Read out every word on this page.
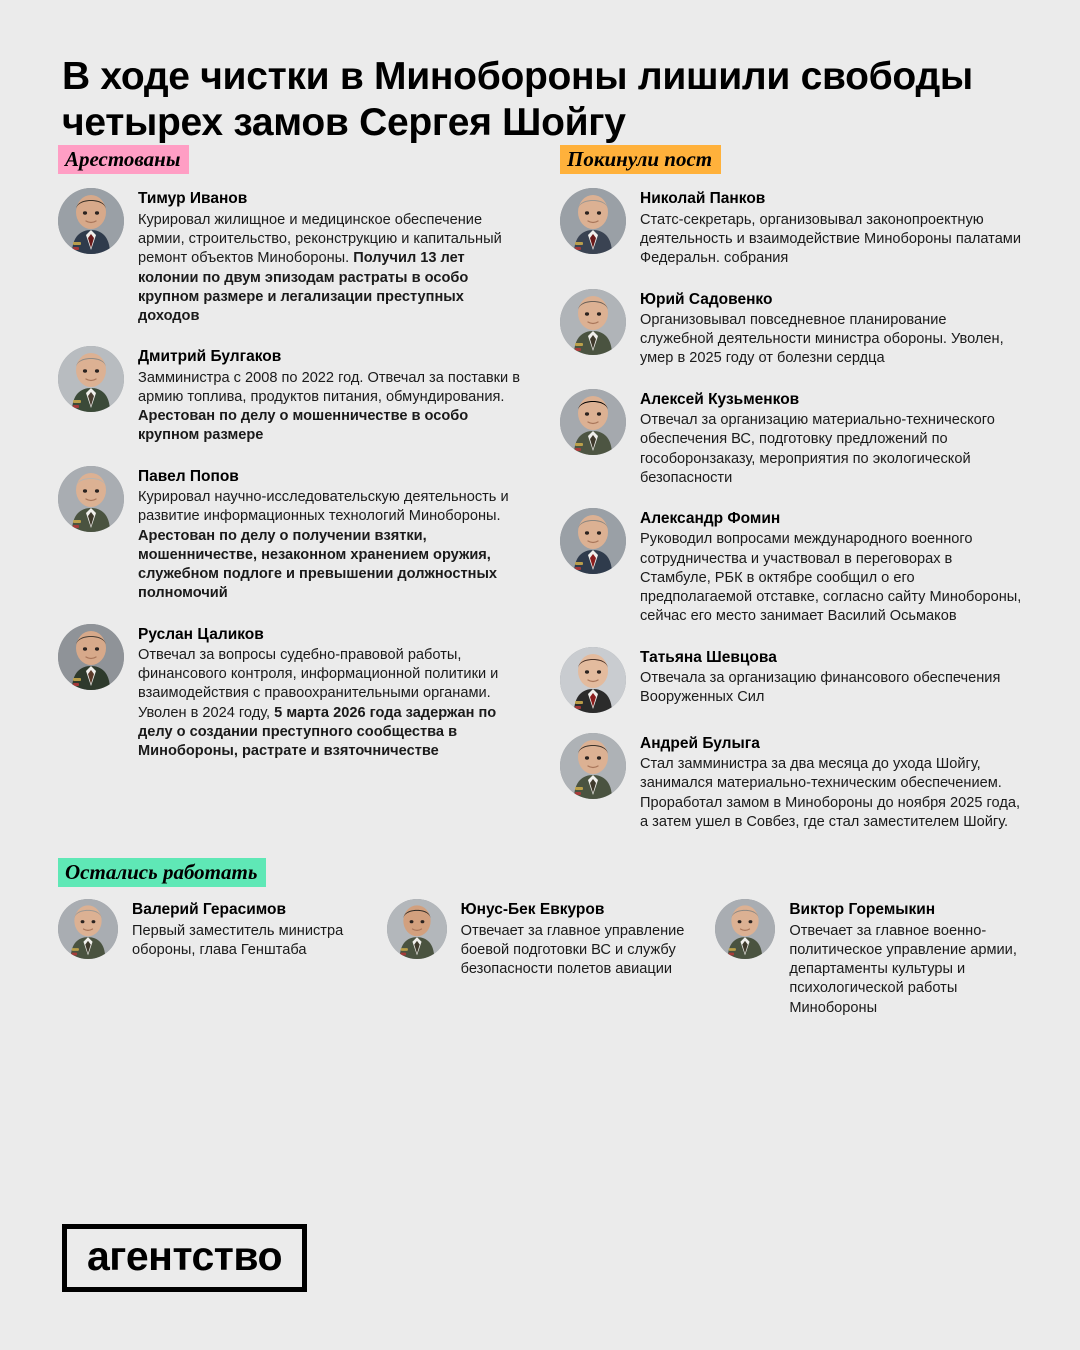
В ходе чистки в Минобороны лишили свободы четырех замов Сергея Шойгу
Арестованы
Тимур Иванов
Курировал жилищное и медицинское обеспечение армии, строительство, реконструкцию и капитальный ремонт объектов Минобороны. Получил 13 лет колонии по двум эпизодам растраты в особо крупном размере и легализации преступных доходов
Дмитрий Булгаков
Замминистра с 2008 по 2022 год. Отвечал за поставки в армию топлива, продуктов питания, обмундирования. Арестован по делу о мошенничестве в особо крупном размере
Павел Попов
Курировал научно-исследовательскую деятельность и развитие информационных технологий Минобороны. Арестован по делу о получении взятки, мошенничестве, незаконном хранением оружия, служебном подлоге и превышении должностных полномочий
Руслан Цаликов
Отвечал за вопросы судебно-правовой работы, финансового контроля, информационной политики и взаимодействия с правоохранительными органами. Уволен в 2024 году, 5 марта 2026 года задержан по делу о создании преступного сообщества в Минобороны, растрате и взяточничестве
Покинули пост
Николай Панков
Статс-секретарь, организовывал законопроектную деятельность и взаимодействие Минобороны палатами Федеральн. собрания
Юрий Садовенко
Организовывал повседневное планирование служебной деятельности министра обороны. Уволен, умер в 2025 году от болезни сердца
Алексей Кузьменков
Отвечал за организацию материально-технического обеспечения ВС, подготовку предложений по гособоронзаказу, мероприятия по экологической безопасности
Александр Фомин
Руководил вопросами международного военного сотрудничества и участвовал в переговорах в Стамбуле, РБК в октябре сообщил о его предполагаемой отставке, согласно сайту Минобороны, сейчас его место занимает Василий Осьмаков
Татьяна Шевцова
Отвечала за организацию финансового обеспечения Вооруженных Сил
Андрей Булыга
Стал замминистра за два месяца до ухода Шойгу, занимался материально-техническим обеспечением. Проработал замом в Минобороны до ноября 2025 года, а затем ушел в Совбез, где стал заместителем Шойгу.
Остались работать
Валерий Герасимов
Первый заместитель министра обороны, глава Генштаба
Юнус-Бек Евкуров
Отвечает за главное управление боевой подготовки ВС и службу безопасности полетов авиации
Виктор Горемыкин
Отвечает за главное военно-политическое управление армии, департаменты культуры и психологической работы Минобороны
агентство
